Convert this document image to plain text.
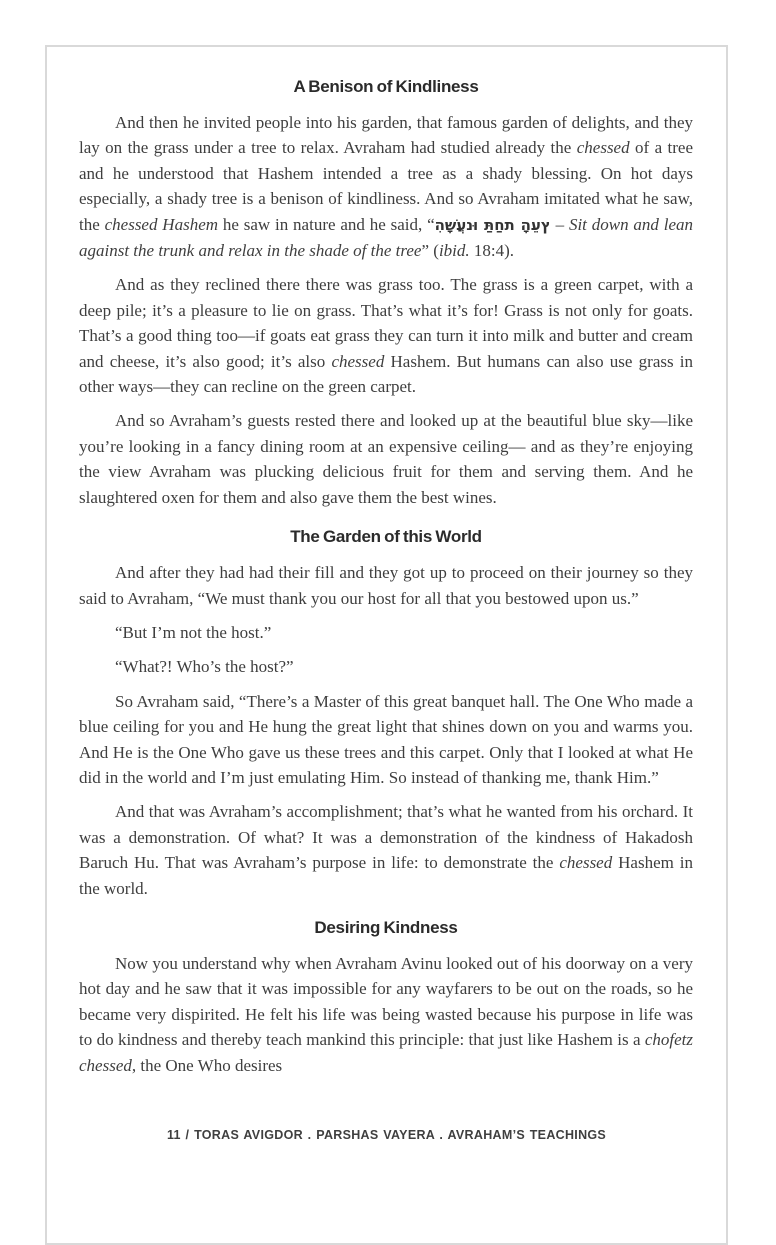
A Benison of Kindliness

And then he invited people into his garden, that famous garden of delights, and they lay on the grass under a tree to relax. Avraham had studied already the chessed of a tree and he understood that Hashem intended a tree as a shady blessing. On hot days especially, a shady tree is a benison of kindliness. And so Avraham imitated what he saw, the chessed Hashem he saw in nature and he said, “הִשָּׁעֲנוּ תַּחַת הָעֵץ – Sit down and lean against the trunk and relax in the shade of the tree” (ibid. 18:4).

And as they reclined there there was grass too. The grass is a green carpet, with a deep pile; it’s a pleasure to lie on grass. That’s what it’s for! Grass is not only for goats. That’s a good thing too—if goats eat grass they can turn it into milk and butter and cream and cheese, it’s also good; it’s also chessed Hashem. But humans can also use grass in other ways—they can recline on the green carpet.

And so Avraham’s guests rested there and looked up at the beautiful blue sky—like you’re looking in a fancy dining room at an expensive ceiling— and as they’re enjoying the view Avraham was plucking delicious fruit for them and serving them. And he slaughtered oxen for them and also gave them the best wines.

The Garden of this World

And after they had had their fill and they got up to proceed on their journey so they said to Avraham, “We must thank you our host for all that you bestowed upon us.”

“But I’m not the host.”

“What?! Who’s the host?”

So Avraham said, “There’s a Master of this great banquet hall. The One Who made a blue ceiling for you and He hung the great light that shines down on you and warms you. And He is the One Who gave us these trees and this carpet. Only that I looked at what He did in the world and I’m just emulating Him. So instead of thanking me, thank Him.”

And that was Avraham’s accomplishment; that’s what he wanted from his orchard. It was a demonstration. Of what? It was a demonstration of the kindness of Hakadosh Baruch Hu. That was Avraham’s purpose in life: to demonstrate the chessed Hashem in the world.

Desiring Kindness

Now you understand why when Avraham Avinu looked out of his doorway on a very hot day and he saw that it was impossible for any wayfarers to be out on the roads, so he became very dispirited. He felt his life was being wasted because his purpose in life was to do kindness and thereby teach mankind this principle: that just like Hashem is a chofetz chessed, the One Who desires

11 / TORAS AVIGDOR . PARSHAS VAYERA . AVRAHAM’S TEACHINGS
